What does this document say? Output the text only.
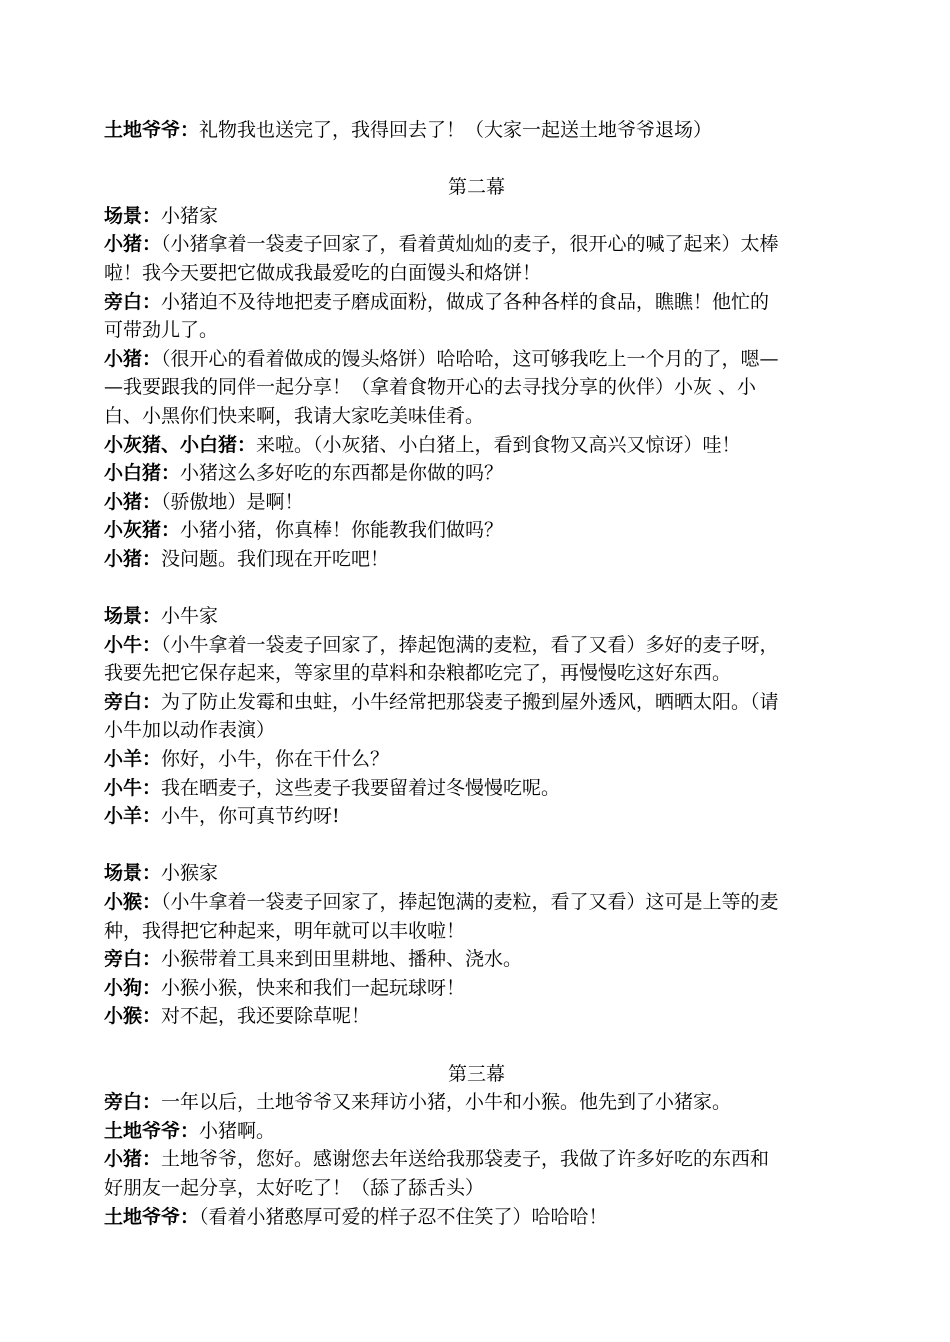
土地爷爷：礼物我也送完了，我得回去了！（大家一起送土地爷爷退场）
第二幕
场景：小猪家
小猪：（小猪拿着一袋麦子回家了，看着黄灿灿的麦子，很开心的喊了起来）太棒
啦！我今天要把它做成我最爱吃的白面馒头和烙饼！
旁白：小猪迫不及待地把麦子磨成面粉，做成了各种各样的食品，瞧瞧！他忙的
可带劲儿了。
小猪：（很开心的看着做成的馒头烙饼）哈哈哈，这可够我吃上一个月的了，嗯—
—我要跟我的同伴一起分享！（拿着食物开心的去寻找分享的伙伴）小灰 、小
白、小黑你们快来啊，我请大家吃美味佳肴。
小灰猪、小白猪：来啦。（小灰猪、小白猪上，看到食物又高兴又惊讶）哇！
小白猪：小猪这么多好吃的东西都是你做的吗？
小猪：（骄傲地）是啊！
小灰猪：小猪小猪，你真棒！你能教我们做吗？
小猪：没问题。我们现在开吃吧！
场景：小牛家
小牛：（小牛拿着一袋麦子回家了，捧起饱满的麦粒，看了又看）多好的麦子呀，
我要先把它保存起来，等家里的草料和杂粮都吃完了，再慢慢吃这好东西。
旁白：为了防止发霉和虫蛀，小牛经常把那袋麦子搬到屋外透风，晒晒太阳。（请
小牛加以动作表演）
小羊：你好，小牛，你在干什么？
小牛：我在晒麦子，这些麦子我要留着过冬慢慢吃呢。
小羊：小牛，你可真节约呀!
场景：小猴家
小猴：（小牛拿着一袋麦子回家了，捧起饱满的麦粒，看了又看）这可是上等的麦
种，我得把它种起来，明年就可以丰收啦！
旁白：小猴带着工具来到田里耕地、播种、浇水。
小狗：小猴小猴，快来和我们一起玩球呀！
小猴：对不起，我还要除草呢！
第三幕
旁白：一年以后，土地爷爷又来拜访小猪，小牛和小猴。他先到了小猪家。
土地爷爷：小猪啊。
小猪：土地爷爷，您好。感谢您去年送给我那袋麦子，我做了许多好吃的东西和
好朋友一起分享，太好吃了！（舔了舔舌头）
土地爷爷：（看着小猪憨厚可爱的样子忍不住笑了）哈哈哈！
